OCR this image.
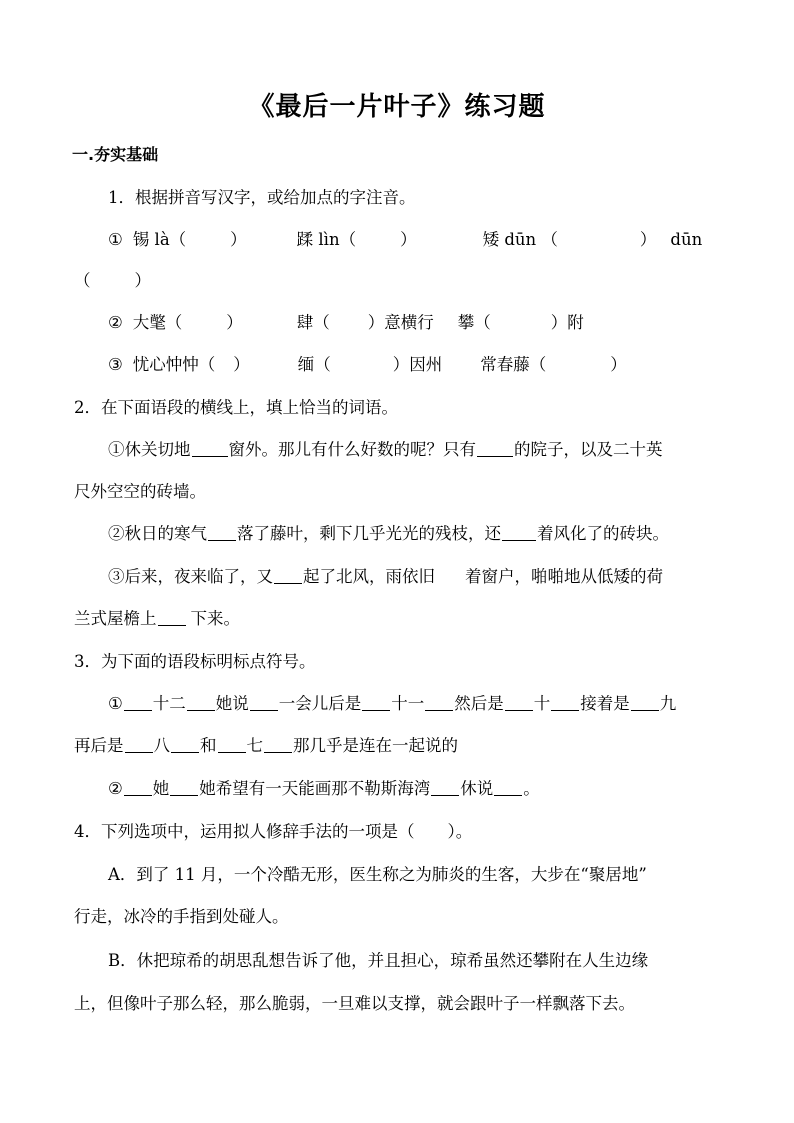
《最后一片叶子》练习题
一.夯实基础
1．根据拼音写汉字，或给加点的字注音。
① 锡 là（	）	蹂 lìn（	）	矮 dūn （	） dūn
（	）
② 大氅（	）	肆（ ）意横行 攀（	）附
③ 忧心忡忡（ ）	缅（	）因州 常春藤（	）
2．在下面语段的横线上，填上恰当的词语。
①休关切地 窗外。那儿有什么好数的呢？只有 的院子，以及二十英
尺外空空的砖墙。
②秋日的寒气 落了藤叶，剩下几乎光光的残枝，还 着风化了的砖块。
③后来，夜来临了，又 起了北风，雨依旧 着窗户，啪啪地从低矮的荷
兰式屋檐上 下来。
3．为下面的语段标明标点符号。
① 十二 她说 一会儿后是 十一 然后是 十 接着是 九
再后是 八 和 七 那几乎是连在一起说的
② 她 她希望有一天能画那不勒斯海湾 休说 。
4．下列选项中，运用拟人修辞手法的一项是（　　）。
A．到了 11 月，一个冷酷无形，医生称之为肺炎的生客，大步在“聚居地”
行走，冰冷的手指到处碰人。
B．休把琼希的胡思乱想告诉了他，并且担心，琼希虽然还攀附在人生边缘
上，但像叶子那么轻，那么脆弱，一旦难以支撑，就会跟叶子一样飘落下去。
